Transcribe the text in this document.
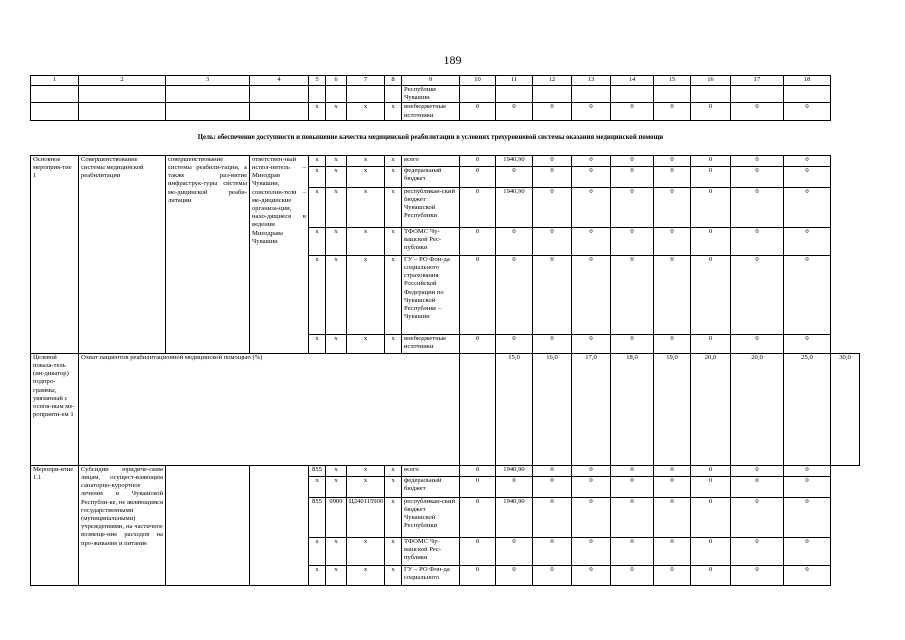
189
1	2	3	4	5	6	7	8	9	10	11	12	13	14	15	16	17	18	
								Республике Чувашии										
				х	х	х	х	внебюджетные источники	0	0	0	0	0	0	0	0	0	
Цель: обеспечение доступности и повышение качества медицинской реабилитации в условиях трехуровневой системы оказания медицинской помощи																		
Основное мероприя-тие 1	Совершенствование системы медицинской реабилитации	совершенствование системы реабили-тации, а также раз-витие инфраструк-туры системы ме-дицинской реаби-литации	ответствен-ный испол-нитель – Минздрав Чувашии, соисполни-тели – ме-дицинские организа-ции, нахо-дящиеся в ведении Минздрава Чувашии	х	х	х	х	всего	0	1940,90	0	0	0	0	0	0	0	
				х	х	х	х	федеральный бюджет	0	0	0	0	0	0	0	0	0	
				х	х	х	х	республикан-ский бюджет Чувашской Республики	0	1940,90	0	0	0	0	0	0	0	
				х	х	х	х	ТФОМС Чу-вашской Рес-публики	0	0	0	0	0	0	0	0	0	
				х	х	х	х	ГУ – РО Фон-да социального страхования Российской Федерации по Чувашской Республике – Чувашии	0	0	0	0	0	0	0	0	0	
				х	х	х	х	внебюджетные источники	0	0	0	0	0	0	0	0	0	
Целевой показа-тель (ин-дикатор) подпро-граммы, увязанный с основ-ным ме-роприяти-ем 1	Охват пациентов реабилитационной медицинской помощью (%)									15,0	16,0	17,0	18,0	19,0	20,0	20,0	25,0	30,0
Меропри-ятие 1.1	Субсидии юридиче-ским лицам, осущест-вляющим санаторно-курортное лечение в Чувашской Республи-ке, не являющимся государственными (муниципальными) учреждениями, на частичное возмеще-ние расходов на про-живание и питание			855	х	х	х	всего	0	1940,90	0	0	0	0	0	0	0	
				х	х	х	х	федеральный бюджет	0	0	0	0	0	0	0	0	0	
				855	0909	Ц240115900	х	республикан-ский бюджет Чувашской Республики	0	1940,90	0	0	0	0	0	0	0	
				х	х	х	х	ТФОМС Чу-вашской Рес-публики	0	0	0	0	0	0	0	0	0	
				х	х	х	х	ГУ – РО Фон-да социального	0	0	0	0	0	0	0	0	0	
